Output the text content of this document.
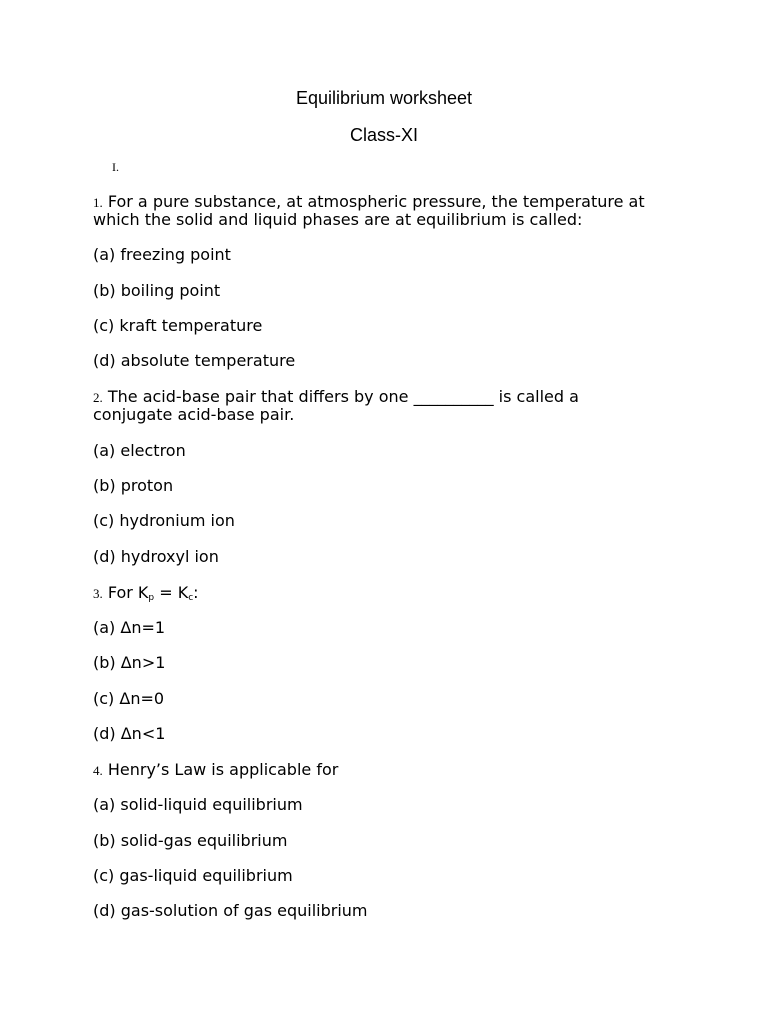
Equilibrium worksheet
Class-XI
I.
1. For a pure substance, at atmospheric pressure, the temperature at
which the solid and liquid phases are at equilibrium is called:
(a) freezing point
(b) boiling point
(c) kraft temperature
(d) absolute temperature
2. The acid-base pair that differs by one __________ is called a
conjugate acid-base pair.
(a) electron
(b) proton
(c) hydronium ion
(d) hydroxyl ion
3. For $K_p = K_c$:
(a) Δn=1
(b) Δn>1
(c) Δn=0
(d) Δn<1
4. Henry’s Law is applicable for
(a) solid-liquid equilibrium
(b) solid-gas equilibrium
(c) gas-liquid equilibrium
(d) gas-solution of gas equilibrium
